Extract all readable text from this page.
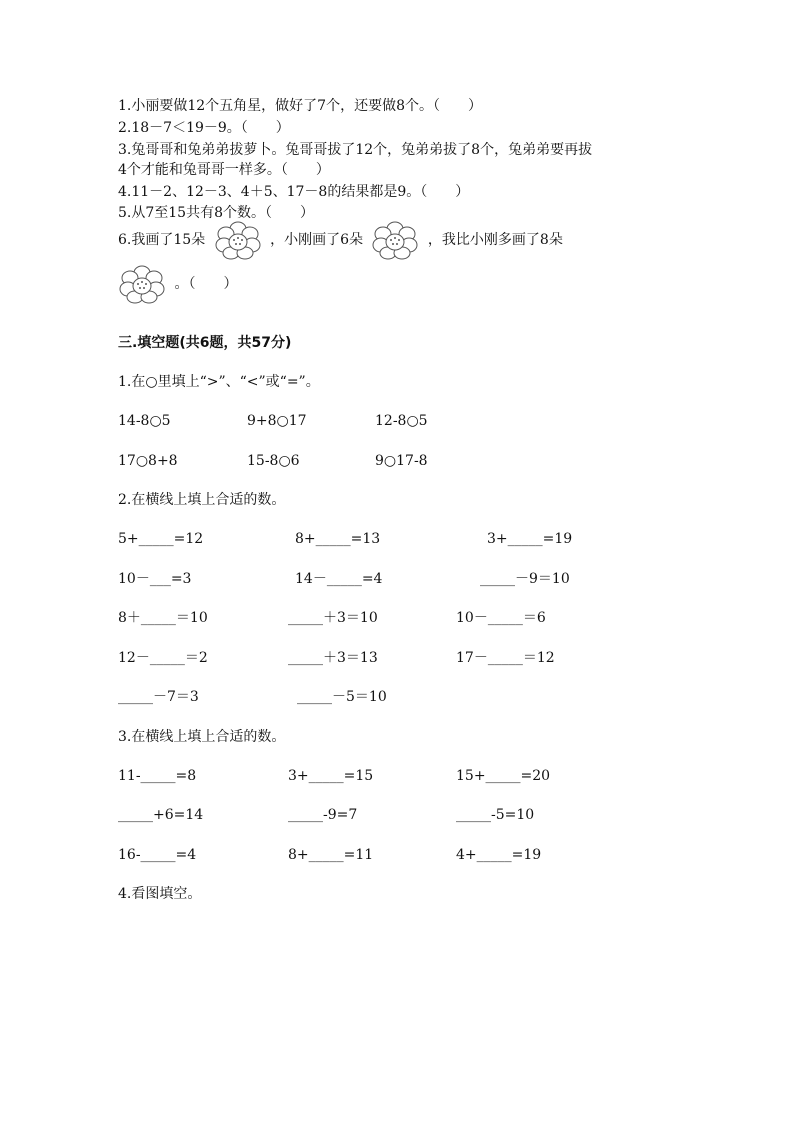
1.小丽要做12个五角星，做好了7个，还要做8个。（　　）
2.18－7＜19－9。（　　）
3.兔哥哥和兔弟弟拔萝卜。兔哥哥拔了12个，兔弟弟拔了8个，兔弟弟要再拔
4个才能和兔哥哥一样多。（　　）
4.11－2、12－3、4＋5、17－8的结果都是9。（　　）
5.从7至15共有8个数。（　　）
6.我画了15朵	，小刚画了6朵	，我比小刚多画了8朵
。（　　）
三.填空题(共6题，共57分)
1.在○里填上“>”、“<”或“=”。
14-8○5	9+8○17	12-8○5
17○8+8	15-8○6	9○17-8
2.在横线上填上合适的数。
5+_____=12	8+_____=13	3+_____=19
10－___=3	14－_____=4	_____－9＝10
8＋_____＝10	_____＋3＝10	10－_____＝6
12－_____＝2	_____＋3＝13	17－_____＝12
_____－7＝3	_____－5＝10
3.在横线上填上合适的数。
11-_____=8	3+_____=15	15+_____=20
_____+6=14	_____-9=7	_____-5=10
16-_____=4	8+_____=11	4+_____=19
4.看图填空。
